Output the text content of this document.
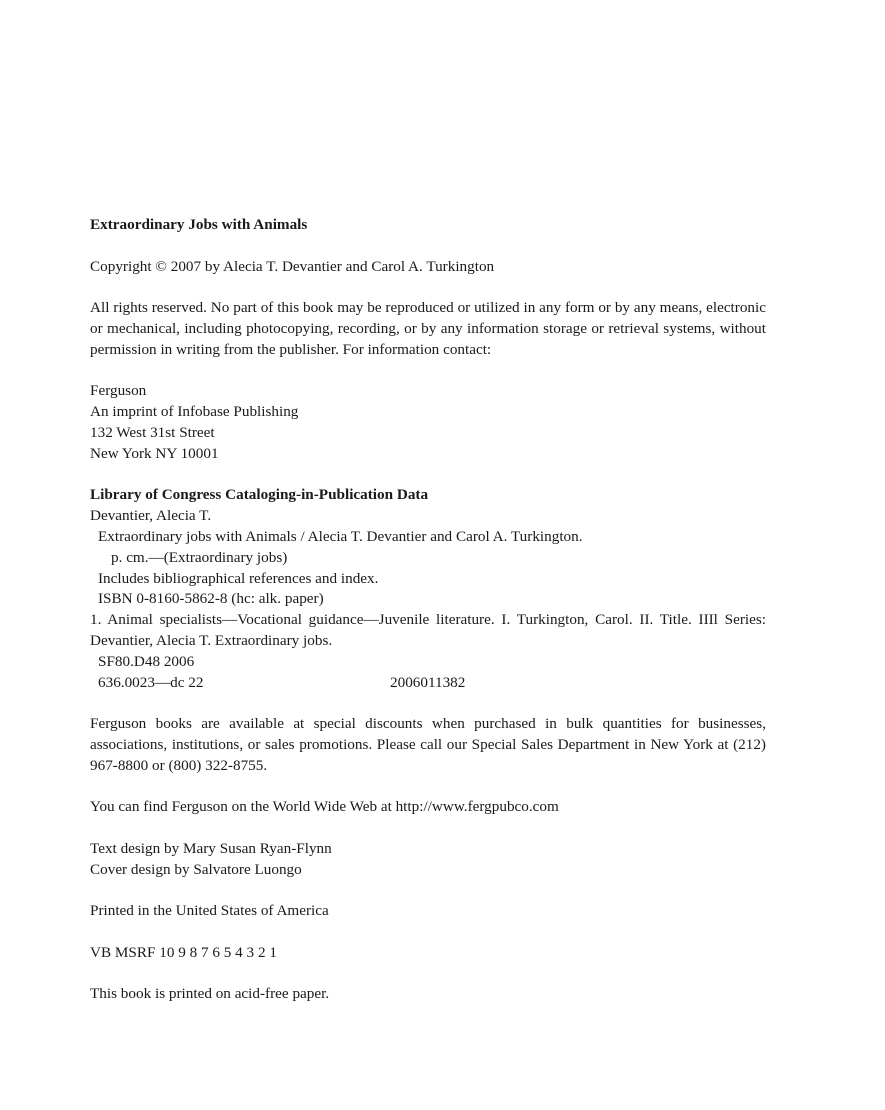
Extraordinary Jobs with Animals
Copyright © 2007 by Alecia T. Devantier and Carol A. Turkington
All rights reserved. No part of this book may be reproduced or utilized in any form or by any means, electronic or mechanical, including photocopying, recording, or by any information storage or retrieval systems, without permission in writing from the publisher. For information contact:
Ferguson
An imprint of Infobase Publishing
132 West 31st Street
New York NY 10001
Library of Congress Cataloging-in-Publication Data
Devantier, Alecia T.
Extraordinary jobs with Animals / Alecia T. Devantier and Carol A. Turkington.
p. cm.—(Extraordinary jobs)
Includes bibliographical references and index.
ISBN 0-8160-5862-8 (hc: alk. paper)
1. Animal specialists—Vocational guidance—Juvenile literature. I. Turkington, Carol. II. Title. IIIl Series: Devantier, Alecia T. Extraordinary jobs.
SF80.D48 2006
636.0023—dc 22	2006011382
Ferguson books are available at special discounts when purchased in bulk quantities for businesses, associations, institutions, or sales promotions. Please call our Special Sales Department in New York at (212) 967-8800 or (800) 322-8755.
You can find Ferguson on the World Wide Web at http://www.fergpubco.com
Text design by Mary Susan Ryan-Flynn
Cover design by Salvatore Luongo
Printed in the United States of America
VB MSRF 10 9 8 7 6 5 4 3 2 1
This book is printed on acid-free paper.
